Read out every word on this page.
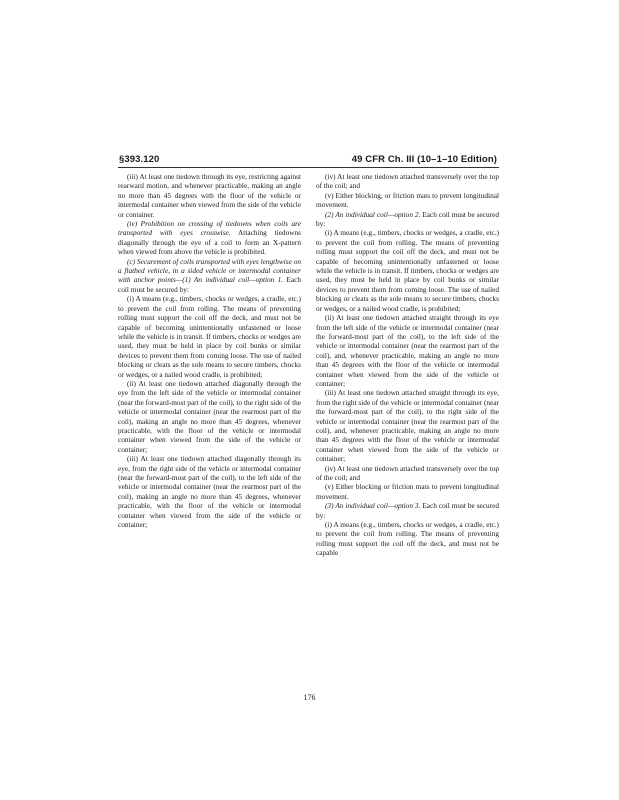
§393.120	49 CFR Ch. III (10–1–10 Edition)

(iii) At least one tiedown through its eye, restricting against rearward motion, and whenever practicable, making an angle no more than 45 degrees with the floor of the vehicle or intermodal container when viewed from the side of the vehicle or container.

(iv) Prohibition on crossing of tiedowns when coils are transported with eyes crosswise. Attaching tiedowns diagonally through the eye of a coil to form an X-pattern when viewed from above the vehicle is prohibited.

(c) Securement of coils transported with eyes lengthwise on a flatbed vehicle, in a sided vehicle or intermodal container with anchor points—(1) An individual coil—option 1. Each coil must be secured by:

(i) A means (e.g., timbers, chocks or wedges, a cradle, etc.) to prevent the coil from rolling. The means of preventing rolling must support the coil off the deck, and must not be capable of becoming unintentionally unfastened or loose while the vehicle is in transit. If timbers, chocks or wedges are used, they must be held in place by coil bunks or similar devices to prevent them from coming loose. The use of nailed blocking or cleats as the sole means to secure timbers, chocks or wedges, or a nailed wood cradle, is prohibited;

(ii) At least one tiedown attached diagonally through the eye from the left side of the vehicle or intermodal container (near the forward-most part of the coil), to the right side of the vehicle or intermodal container (near the rearmost part of the coil), making an angle no more than 45 degrees, whenever practicable, with the floor of the vehicle or intermodal container when viewed from the side of the vehicle or container;

(iii) At least one tiedown attached diagonally through its eye, from the right side of the vehicle or intermodal container (near the forward-most part of the coil), to the left side of the vehicle or intermodal container (near the rearmost part of the coil), making an angle no more than 45 degrees, whenever practicable, with the floor of the vehicle or intermodal container when viewed from the side of the vehicle or container;

(iv) At least one tiedown attached transversely over the top of the coil; and

(v) Either blocking, or friction mats to prevent longitudinal movement.

(2) An individual coil—option 2. Each coil must be secured by:

(i) A means (e.g., timbers, chocks or wedges, a cradle, etc.) to prevent the coil from rolling. The means of preventing rolling must support the coil off the deck, and must not be capable of becoming unintentionally unfastened or loose while the vehicle is in transit. If timbers, chocks or wedges are used, they must be held in place by coil bunks or similar devices to prevent them from coming loose. The use of nailed blocking or cleats as the sole means to secure timbers, chocks or wedges, or a nailed wood cradle, is prohibited;

(ii) At least one tiedown attached straight through its eye from the left side of the vehicle or intermodal container (near the forward-most part of the coil), to the left side of the vehicle or intermodal container (near the rearmost part of the coil), and, whenever practicable, making an angle no more than 45 degrees with the floor of the vehicle or intermodal container when viewed from the side of the vehicle or container;

(iii) At least one tiedown attached straight through its eye, from the right side of the vehicle or intermodal container (near the forward-most part of the coil), to the right side of the vehicle or intermodal container (near the rearmost part of the coil), and, whenever practicable, making an angle no more than 45 degrees with the floor of the vehicle or intermodal container when viewed from the side of the vehicle or container;

(iv) At least one tiedown attached transversely over the top of the coil; and

(v) Either blocking or friction mats to prevent longitudinal movement.

(3) An individual coil—option 3. Each coil must be secured by:

(i) A means (e.g., timbers, chocks or wedges, a cradle, etc.) to prevent the coil from rolling. The means of preventing rolling must support the coil off the deck, and must not be capable

176
